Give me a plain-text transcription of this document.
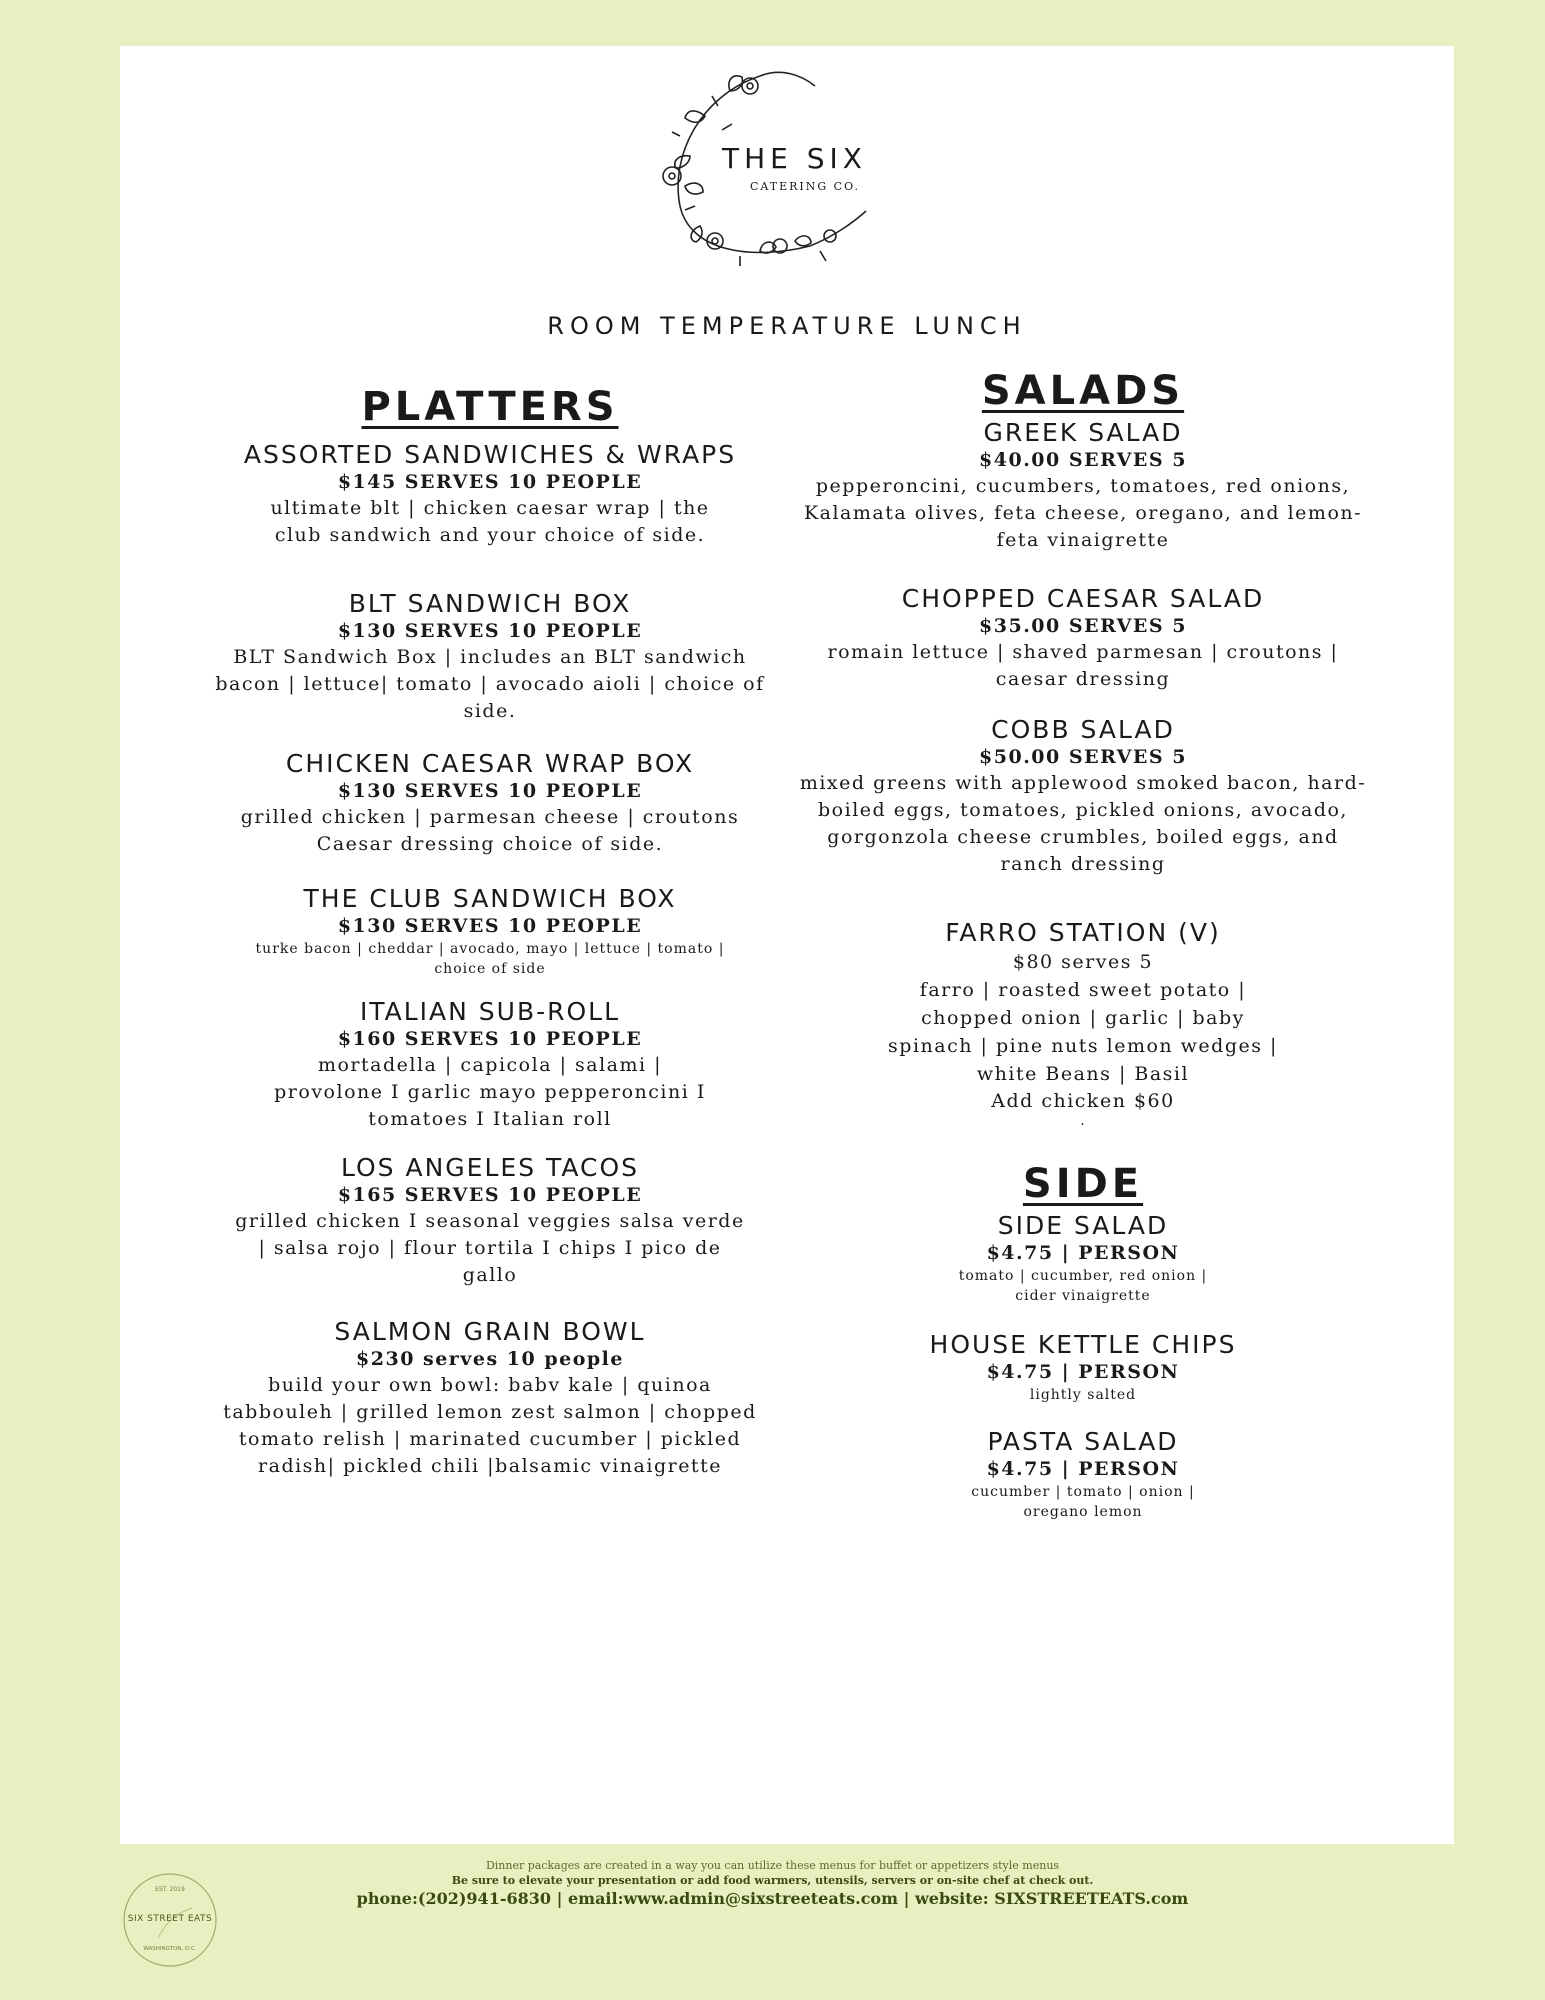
THE SIX
CATERING CO.
ROOM TEMPERATURE LUNCH
PLATTERS
ASSORTED SANDWICHES & WRAPS
$145 SERVES 10 PEOPLE
ultimate blt | chicken caesar wrap | the club sandwich and your choice of side.
BLT SANDWICH BOX
$130 SERVES 10 PEOPLE
BLT Sandwich Box | includes an BLT sandwich bacon | lettuce| tomato | avocado aioli | choice of side.
CHICKEN CAESAR WRAP BOX
$130 SERVES 10 PEOPLE
grilled chicken | parmesan cheese | croutons Caesar dressing choice of side.
THE CLUB SANDWICH BOX
$130 SERVES 10 PEOPLE
turke bacon | cheddar | avocado, mayo | lettuce | tomato | choice of side
ITALIAN SUB-ROLL
$160 SERVES 10 PEOPLE
mortadella | capicola | salami | provolone I garlic mayo pepperoncini I tomatoes I Italian roll
LOS ANGELES TACOS
$165 SERVES 10 PEOPLE
grilled chicken I seasonal veggies salsa verde | salsa rojo | flour tortila I chips I pico de gallo
SALMON GRAIN BOWL
$230 serves 10 people
build your own bowl: babv kale | quinoa tabbouleh | grilled lemon zest salmon | chopped tomato relish | marinated cucumber | pickled radish| pickled chili |balsamic vinaigrette
SALADS
GREEK SALAD
$40.00 SERVES 5
pepperoncini, cucumbers, tomatoes, red onions, Kalamata olives, feta cheese, oregano, and lemon-feta vinaigrette
CHOPPED CAESAR SALAD
$35.00 SERVES 5
romain lettuce | shaved parmesan | croutons | caesar dressing
COBB SALAD
$50.00 SERVES 5
mixed greens with applewood smoked bacon, hard-boiled eggs, tomatoes, pickled onions, avocado, gorgonzola cheese crumbles, boiled eggs, and ranch dressing
FARRO STATION (V)
$80 serves 5
farro | roasted sweet potato | chopped onion | garlic | baby spinach | pine nuts lemon wedges | white Beans | Basil
Add chicken $60
.
SIDE
SIDE SALAD
$4.75 | PERSON
tomato | cucumber, red onion | cider vinaigrette
HOUSE KETTLE CHIPS
$4.75 | PERSON
lightly salted
PASTA SALAD
$4.75 | PERSON
cucumber | tomato | onion | oregano lemon
EST. 2019
SIX STREET EATS
WASHINGTON, D.C.
Dinner packages are created in a way you can utilize these menus for buffet or appetizers style menus
Be sure to elevate your presentation or add food warmers, utensils, servers or on-site chef at check out.
phone:(202)941-6830 | email:www.admin@sixstreeteats.com | website: SIXSTREETEATS.com
